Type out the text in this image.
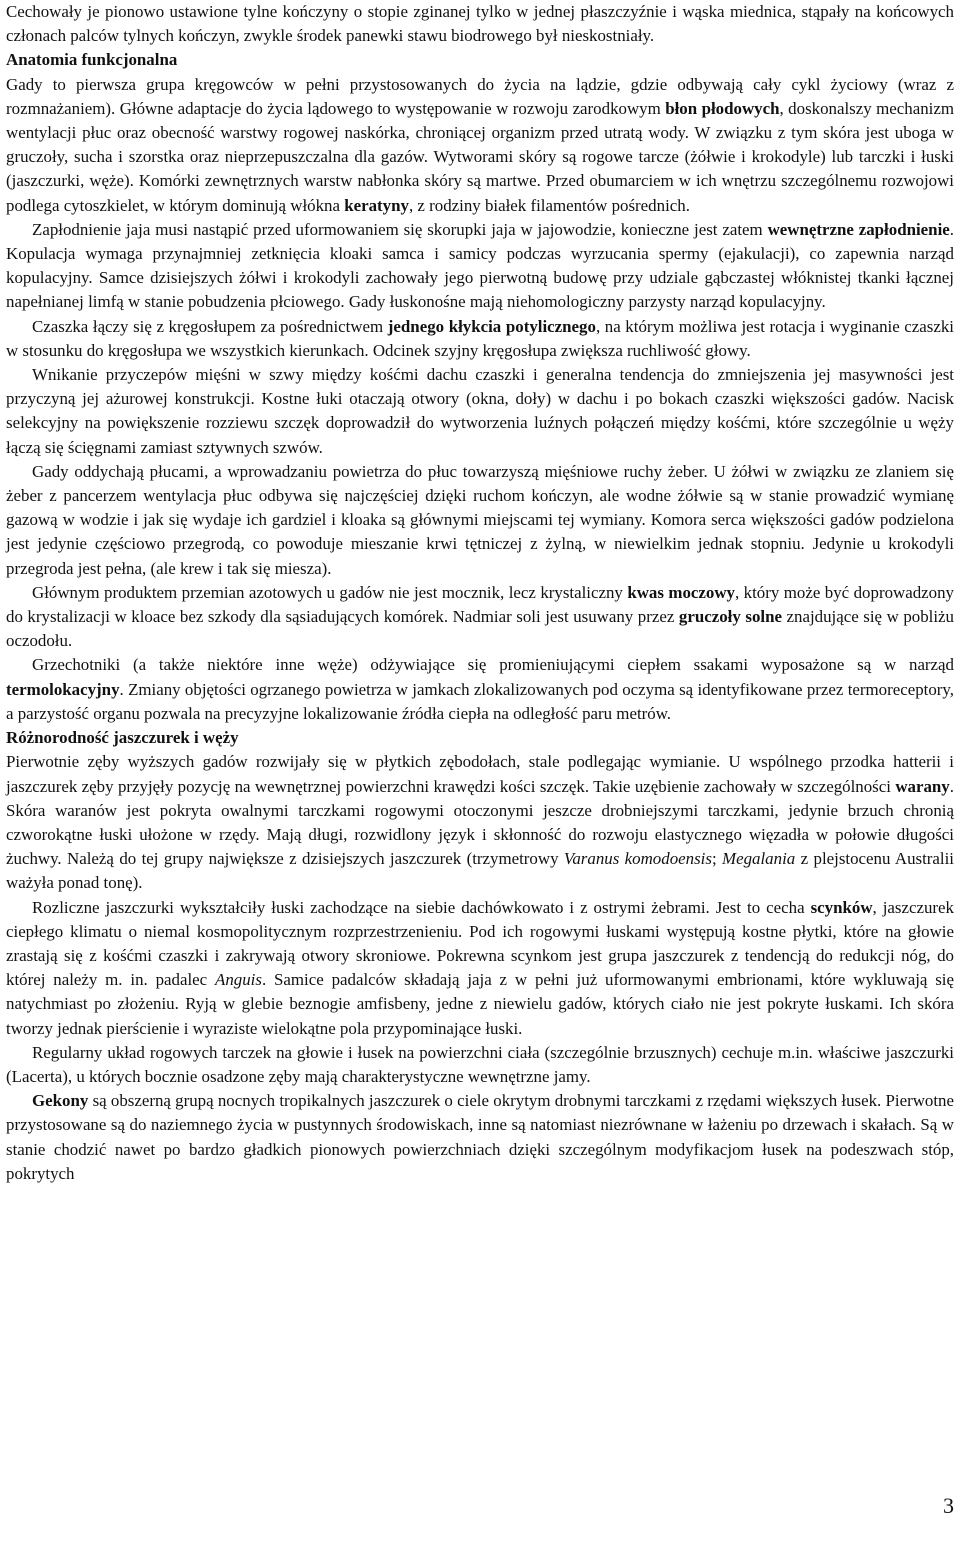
Cechowały je pionowo ustawione tylne kończyny o stopie zginanej tylko w jednej płaszczyźnie i wąska miednica, stąpały na końcowych członach palców tylnych kończyn, zwykle środek panewki stawu biodrowego był nieskostniały.

Anatomia funkcjonalna

Gady to pierwsza grupa kręgowców w pełni przystosowanych do życia na lądzie, gdzie odbywają cały cykl życiowy (wraz z rozmnażaniem). Główne adaptacje do życia lądowego to występowanie w rozwoju zarodkowym błon płodowych, doskonalszy mechanizm wentylacji płuc oraz obecność warstwy rogowej naskórka, chroniącej organizm przed utratą wody. W związku z tym skóra jest uboga w gruczoły, sucha i szorstka oraz nieprzepuszczalna dla gazów. Wytworami skóry są rogowe tarcze (żółwie i krokodyle) lub tarczki i łuski (jaszczurki, węże). Komórki zewnętrznych warstw nabłonka skóry są martwe. Przed obumarciem w ich wnętrzu szczególnemu rozwojowi podlega cytoszkielet, w którym dominują włókna keratyny, z rodziny białek filamentów pośrednich.

Zapłodnienie jaja musi nastąpić przed uformowaniem się skorupki jaja w jajowodzie, konieczne jest zatem wewnętrzne zapłodnienie. Kopulacja wymaga przynajmniej zetknięcia kloaki samca i samicy podczas wyrzucania spermy (ejakulacji), co zapewnia narząd kopulacyjny. Samce dzisiejszych żółwi i krokodyli zachowały jego pierwotną budowę przy udziale gąbczastej włóknistej tkanki łącznej napełnianej limfą w stanie pobudzenia płciowego. Gady łuskonośne mają niehomologiczny parzysty narząd kopulacyjny.

Czaszka łączy się z kręgosłupem za pośrednictwem jednego kłykcia potylicznego, na którym możliwa jest rotacja i wyginanie czaszki w stosunku do kręgosłupa we wszystkich kierunkach. Odcinek szyjny kręgosłupa zwiększa ruchliwość głowy.

Wnikanie przyczepów mięśni w szwy między kośćmi dachu czaszki i generalna tendencja do zmniejszenia jej masywności jest przyczyną jej ażurowej konstrukcji. Kostne łuki otaczają otwory (okna, doły) w dachu i po bokach czaszki większości gadów. Nacisk selekcyjny na powiększenie rozziewu szczęk doprowadził do wytworzenia luźnych połączeń między kośćmi, które szczególnie u węży łączą się ścięgnami zamiast sztywnych szwów.

Gady oddychają płucami, a wprowadzaniu powietrza do płuc towarzyszą mięśniowe ruchy żeber. U żółwi w związku ze zlaniem się żeber z pancerzem wentylacja płuc odbywa się najczęściej dzięki ruchom kończyn, ale wodne żółwie są w stanie prowadzić wymianę gazową w wodzie i jak się wydaje ich gardziel i kloaka są głównymi miejscami tej wymiany. Komora serca większości gadów podzielona jest jedynie częściowo przegrodą, co powoduje mieszanie krwi tętniczej z żylną, w niewielkim jednak stopniu. Jedynie u krokodyli przegroda jest pełna, (ale krew i tak się miesza).

Głównym produktem przemian azotowych u gadów nie jest mocznik, lecz krystaliczny kwas moczowy, który może być doprowadzony do krystalizacji w kloace bez szkody dla sąsiadujących komórek. Nadmiar soli jest usuwany przez gruczoły solne znajdujące się w pobliżu oczodołu.

Grzechotniki (a także niektóre inne węże) odżywiające się promieniującymi ciepłem ssakami wyposażone są w narząd termolokacyjny. Zmiany objętości ogrzanego powietrza w jamkach zlokalizowanych pod oczyma są identyfikowane przez termoreceptory, a parzystość organu pozwala na precyzyjne lokalizowanie źródła ciepła na odległość paru metrów.

Różnorodność jaszczurek i węży

Pierwotnie zęby wyższych gadów rozwijały się w płytkich zębodołach, stale podlegając wymianie. U wspólnego przodka hatterii i jaszczurek zęby przyjęły pozycję na wewnętrznej powierzchni krawędzi kości szczęk. Takie uzębienie zachowały w szczególności warany. Skóra waranów jest pokryta owalnymi tarczkami rogowymi otoczonymi jeszcze drobniejszymi tarczkami, jedynie brzuch chronią czworokątne łuski ułożone w rzędy. Mają długi, rozwidlony język i skłonność do rozwoju elastycznego więzadła w połowie długości żuchwy. Należą do tej grupy największe z dzisiejszych jaszczurek (trzymetrowy Varanus komodoensis; Megalania z plejstocenu Australii ważyła ponad tonę).

Rozliczne jaszczurki wykształciły łuski zachodzące na siebie dachówkowato i z ostrymi żebrami. Jest to cecha scynków, jaszczurek ciepłego klimatu o niemal kosmopolitycznym rozprzestrzenieniu. Pod ich rogowymi łuskami występują kostne płytki, które na głowie zrastają się z kośćmi czaszki i zakrywają otwory skroniowe. Pokrewna scynkom jest grupa jaszczurek z tendencją do redukcji nóg, do której należy m. in. padalec Anguis. Samice padalców składają jaja z w pełni już uformowanymi embrionami, które wykluwają się natychmiast po złożeniu. Ryją w glebie beznogie amfisbeny, jedne z niewielu gadów, których ciało nie jest pokryte łuskami. Ich skóra tworzy jednak pierścienie i wyraziste wielokątne pola przypominające łuski.

Regularny układ rogowych tarczek na głowie i łusek na powierzchni ciała (szczególnie brzusznych) cechuje m.in. właściwe jaszczurki (Lacerta), u których bocznie osadzone zęby mają charakterystyczne wewnętrzne jamy.

Gekony są obszerną grupą nocnych tropikalnych jaszczurek o ciele okrytym drobnymi tarczkami z rzędami większych łusek. Pierwotne przystosowane są do naziemnego życia w pustynnych środowiskach, inne są natomiast niezrównane w łażeniu po drzewach i skałach. Są w stanie chodzić nawet po bardzo gładkich pionowych powierzchniach dzięki szczególnym modyfikacjom łusek na podeszwach stóp, pokrytych

3
